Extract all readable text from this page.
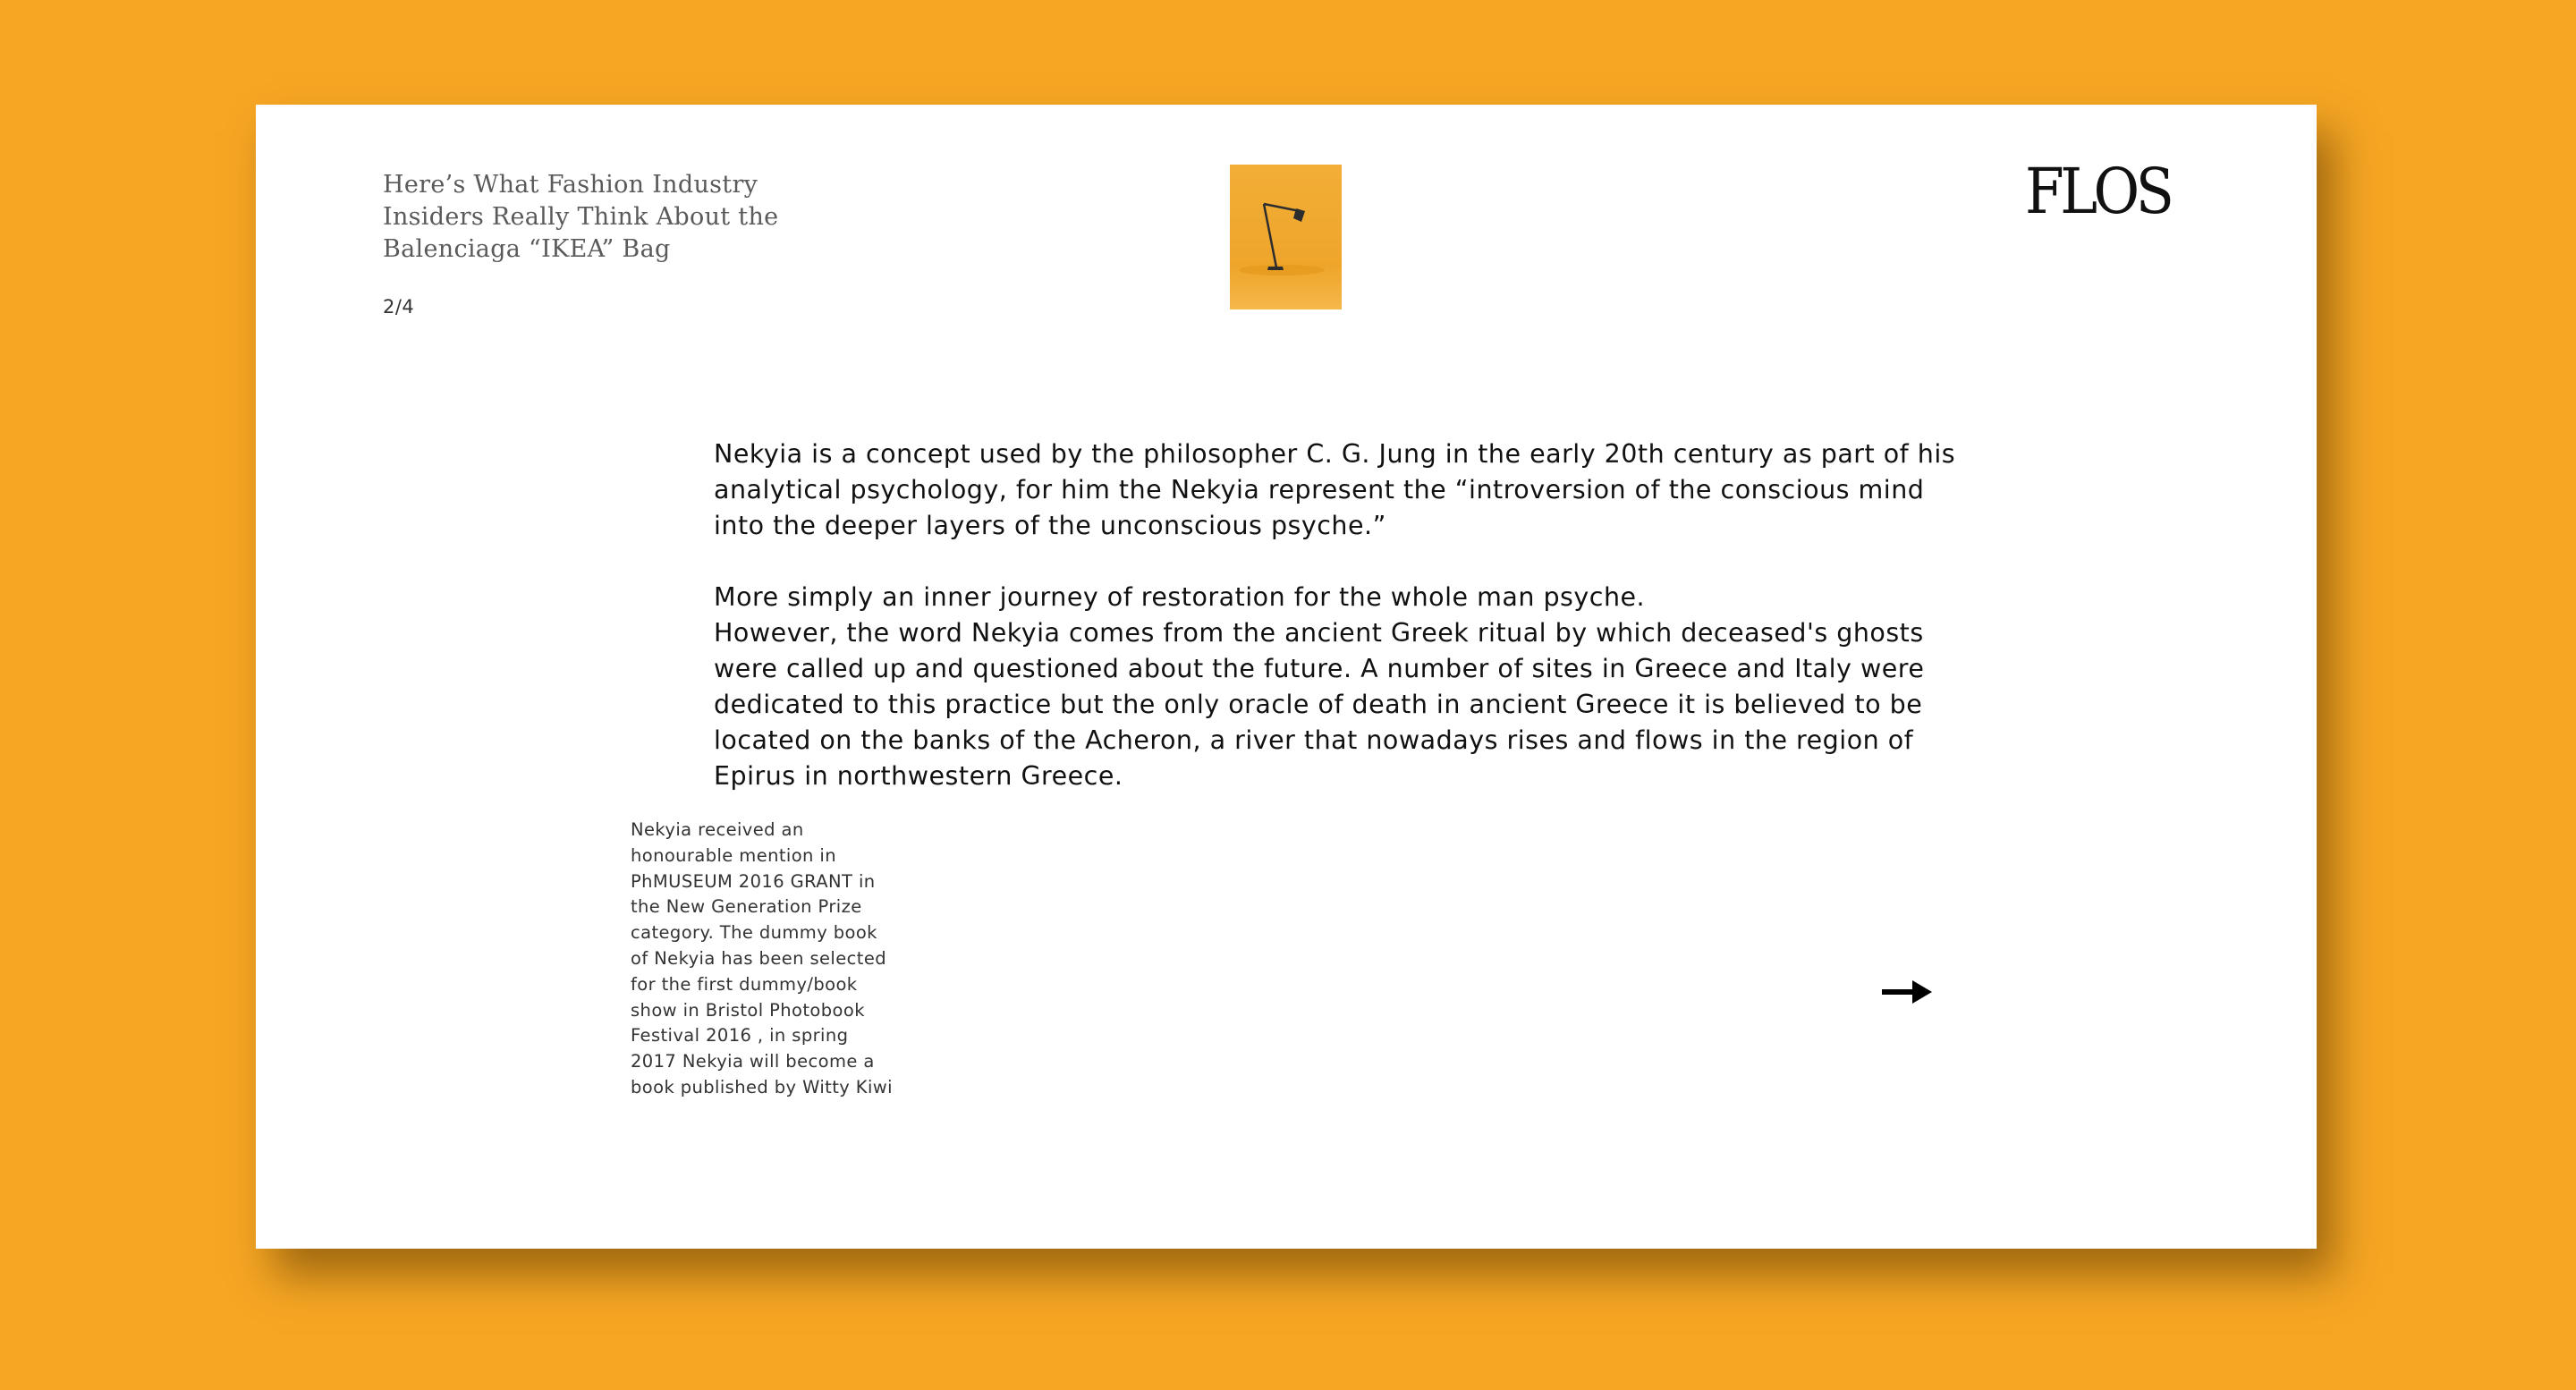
Here’s What Fashion Industry Insiders Really Think About the Balenciaga “IKEA” Bag
2/4
FLOS

Nekyia is a concept used by the philosopher C. G. Jung in the early 20th century as part of his analytical psychology, for him the Nekyia represent the “introversion of the conscious mind into the deeper layers of the unconscious psyche.”

More simply an inner journey of restoration for the whole man psyche.
However, the word Nekyia comes from the ancient Greek ritual by which deceased's ghosts were called up and questioned about the future. A number of sites in Greece and Italy were dedicated to this practice but the only oracle of death in ancient Greece it is believed to be located on the banks of the Acheron, a river that nowadays rises and flows in the region of Epirus in northwestern Greece.

Nekyia received an honourable mention in PhMUSEUM 2016 GRANT in the New Generation Prize category. The dummy book of Nekyia has been selected for the first dummy/book show in Bristol Photobook Festival 2016 , in spring 2017 Nekyia will become a book published by Witty Kiwi
